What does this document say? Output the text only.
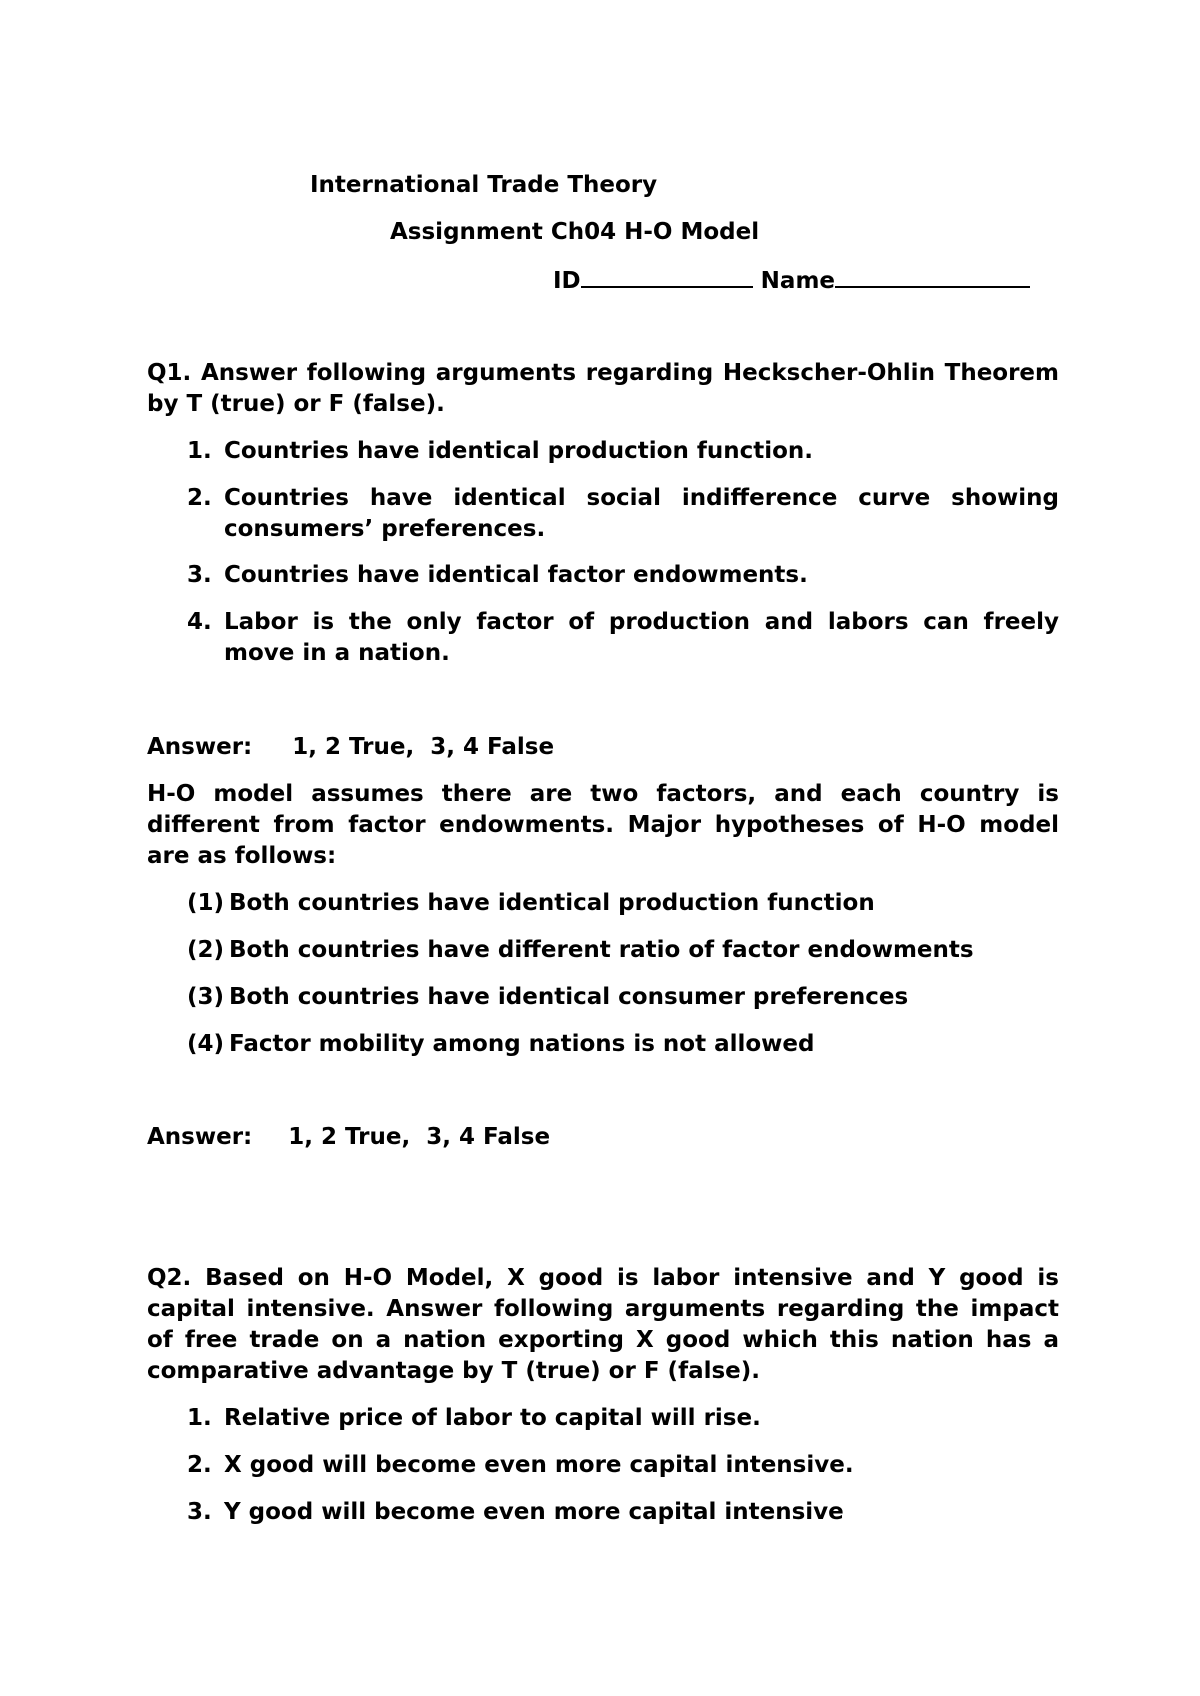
International Trade Theory

Assignment Ch04 H-O Model

ID	Name

Q1. Answer following arguments regarding Heckscher-Ohlin Theorem by T (true) or F (false).

1. Countries have identical production function.
2. Countries have identical social indifference curve showing consumers’ preferences.
3. Countries have identical factor endowments.
4. Labor is the only factor of production and labors can freely move in a nation.
Answer: 1, 2 True, 3, 4 False

H-O model assumes there are two factors, and each country is different from factor endowments. Major hypotheses of H-O model are as follows:

(1) Both countries have identical production function
(2) Both countries have different ratio of factor endowments
(3) Both countries have identical consumer preferences
(4) Factor mobility among nations is not allowed
Answer: 1, 2 True, 3, 4 False

Q2. Based on H-O Model, X good is labor intensive and Y good is capital intensive. Answer following arguments regarding the impact of free trade on a nation exporting X good which this nation has a comparative advantage by T (true) or F (false).

1. Relative price of labor to capital will rise.
2. X good will become even more capital intensive.
3. Y good will become even more capital intensive
